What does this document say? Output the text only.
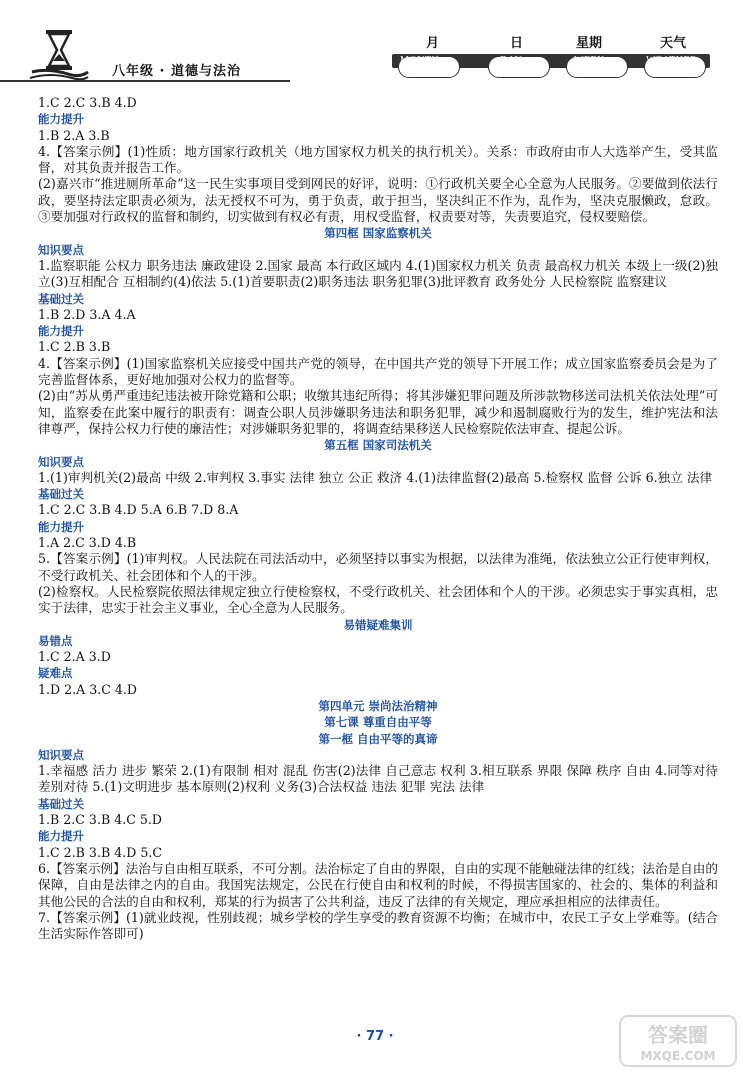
八年级 · 道德与法治
月	日	星期	天气
MONTH	DAY	WEEK	WEATHER
1.C 2.C 3.B 4.D
能力提升
1.B 2.A 3.B
4.【答案示例】(1)性质：地方国家行政机关（地方国家权力机关的执行机关）。关系：市政府由市人大选举产生，受其监督，对其负责并报告工作。
(2)嘉兴市“推进厕所革命”这一民生实事项目受到网民的好评，说明：①行政机关要全心全意为人民服务。②要做到依法行政，要坚持法定职责必须为，法无授权不可为，勇于负责，敢于担当，坚决纠正不作为，乱作为，坚决克服懒政，怠政。③要加强对行政权的监督和制约，切实做到有权必有责，用权受监督，权责要对等，失责要追究，侵权要赔偿。
第四框 国家监察机关
知识要点
1.监察职能 公权力 职务违法 廉政建设 2.国家 最高 本行政区域内 4.(1)国家权力机关 负责 最高权力机关 本级上一级(2)独立(3)互相配合 互相制约(4)依法 5.(1)首要职责(2)职务违法 职务犯罪(3)批评教育 政务处分 人民检察院 监察建议
基础过关
1.B 2.D 3.A 4.A
能力提升
1.C 2.B 3.B
4.【答案示例】(1)国家监察机关应接受中国共产党的领导，在中国共产党的领导下开展工作；成立国家监察委员会是为了完善监督体系，更好地加强对公权力的监督等。
(2)由“苏从勇严重违纪违法被开除党籍和公职；收缴其违纪所得；将其涉嫌犯罪问题及所涉款物移送司法机关依法处理”可知，监察委在此案中履行的职责有：调查公职人员涉嫌职务违法和职务犯罪，减少和遏制腐败行为的发生，维护宪法和法律尊严，保持公权力行使的廉洁性；对涉嫌职务犯罪的，将调查结果移送人民检察院依法审查、提起公诉。
第五框 国家司法机关
知识要点
1.(1)审判机关(2)最高 中级 2.审判权 3.事实 法律 独立 公正 救济 4.(1)法律监督(2)最高 5.检察权 监督 公诉 6.独立 法律
基础过关
1.C 2.C 3.B 4.D 5.A 6.B 7.D 8.A
能力提升
1.A 2.C 3.D 4.B
5.【答案示例】(1)审判权。人民法院在司法活动中，必须坚持以事实为根据，以法律为准绳，依法独立公正行使审判权，不受行政机关、社会团体和个人的干涉。
(2)检察权。人民检察院依照法律规定独立行使检察权，不受行政机关、社会团体和个人的干涉。必须忠实于事实真相，忠实于法律，忠实于社会主义事业，全心全意为人民服务。
易错疑难集训
易错点
1.C 2.A 3.D
疑难点
1.D 2.A 3.C 4.D
第四单元 崇尚法治精神
第七课 尊重自由平等
第一框 自由平等的真谛
知识要点
1.幸福感 活力 进步 繁荣 2.(1)有限制 相对 混乱 伤害(2)法律 自己意志 权利 3.相互联系 界限 保障 秩序 自由 4.同等对待 差别对待 5.(1)文明进步 基本原则(2)权利 义务(3)合法权益 违法 犯罪 宪法 法律
基础过关
1.B 2.C 3.B 4.C 5.D
能力提升
1.C 2.B 3.B 4.D 5.C
6.【答案示例】法治与自由相互联系，不可分割。法治标定了自由的界限，自由的实现不能触碰法律的红线；法治是自由的保障，自由是法律之内的自由。我国宪法规定，公民在行使自由和权利的时候，不得损害国家的、社会的、集体的利益和其他公民的合法的自由和权利，郑某的行为损害了公共利益，违反了法律的有关规定，理应承担相应的法律责任。
7.【答案示例】(1)就业歧视，性别歧视；城乡学校的学生享受的教育资源不均衡；在城市中，农民工子女上学难等。(结合生活实际作答即可)
· 77 ·	答案圈
MXQE.COM
